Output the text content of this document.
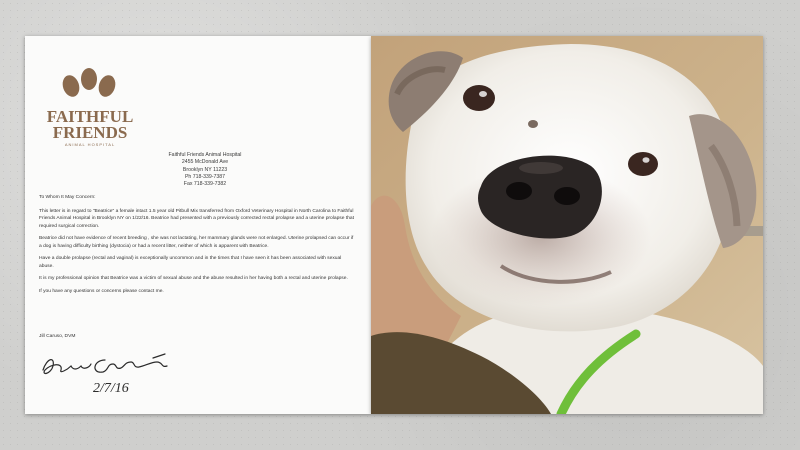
FAITHFUL
FRIENDS
ANIMAL HOSPITAL
Faithful Friends Animal Hospital
2455 McDonald Ave
Brooklyn NY 11223
Ph 718-339-7387
Fax 718-339-7382

To Whom It May Concern:

This letter is in regard to "Beatrice" a female intact 1.5 year old Pitbull Mix transferred from Oxford Veterinary Hospital in North Carolina to Faithful Friends Animal Hospital in Brooklyn NY on 1/22/16. Beatrice had presented with a previously corrected rectal prolapse and a uterine prolapse that required surgical correction.

Beatrice did not have evidence of recent breeding , she was not lactating, her mammary glands were not enlarged. Uterine prolapsed can occur if a dog is having difficulty birthing (dystocia) or had a recent litter, neither of which is apparent with Beatrice.

Have a double prolapse (rectal and vaginal) is exceptionally uncommon and in the times that I have seen it has been associated with sexual abuse.

It is my professional opinion that Beatrice was a victim of sexual abuse and the abuse resulted in her having both a rectal and uterine prolapse.

If you have any questions or concerns please contact me.

Jill Caruso, DVM
2/7/16
